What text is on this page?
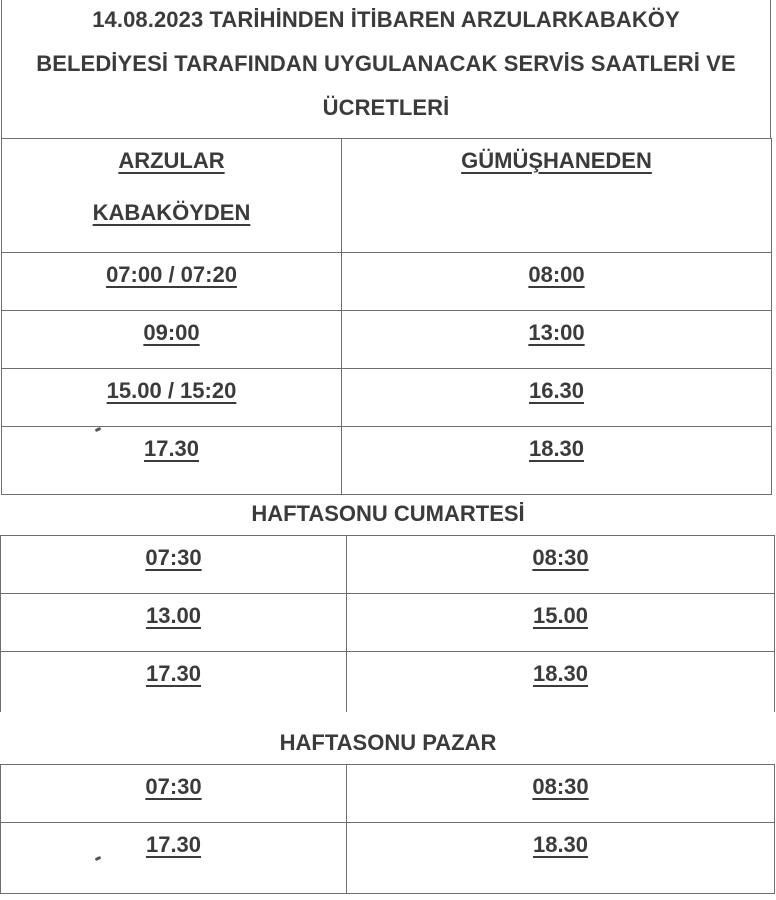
14.08.2023 TARİHİNDEN İTİBAREN ARZULARKABAKÖY
BELEDİYESİ TARAFINDAN UYGULANACAK SERVİS SAATLERİ VE
ÜCRETLERİ
ARZULAR
KABAKÖYDEN	GÜMÜŞHANEDEN
07:00 / 07:20	08:00
09:00	13:00
15.00 / 15:20	16.30
17.30	18.30
HAFTASONU CUMARTESİ
07:30	08:30
13.00	15.00
17.30	18.30
HAFTASONU PAZAR
07:30	08:30
17.30	18.30
